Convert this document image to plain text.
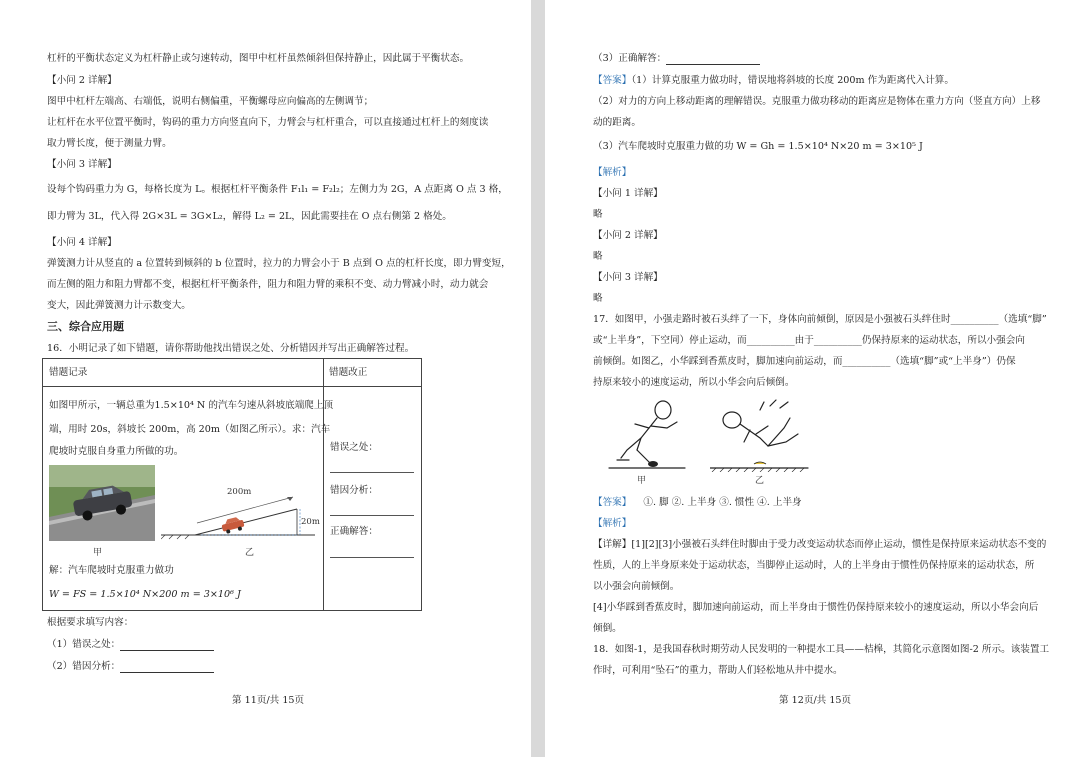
杠杆的平衡状态定义为杠杆静止或匀速转动，图甲中杠杆虽然倾斜但保持静止，因此属于平衡状态。
【小问 2 详解】
图甲中杠杆左端高、右端低，说明右侧偏重，平衡螺母应向偏高的左侧调节；
让杠杆在水平位置平衡时，钩码的重力方向竖直向下，力臂会与杠杆重合，可以直接通过杠杆上的刻度读
取力臂长度，便于测量力臂。
【小问 3 详解】
设每个钩码重力为 G，每格长度为 L。根据杠杆平衡条件 F₁l₁ = F₂l₂；左侧力为 2G，A 点距离 O 点 3 格，
即力臂为 3L，代入得 2G×3L = 3G×L₂，解得 L₂ = 2L，因此需要挂在 O 点右侧第 2 格处。
【小问 4 详解】
弹簧测力计从竖直的 a 位置转到倾斜的 b 位置时，拉力的力臂会小于 B 点到 O 点的杠杆长度，即力臂变短，
而左侧的阻力和阻力臂都不变，根据杠杆平衡条件，阻力和阻力臂的乘积不变、动力臂减小时，动力就会
变大，因此弹簧测力计示数变大。
三、综合应用题
16．小明记录了如下错题，请你帮助他找出错误之处、分析错因并写出正确解答过程。
错题记录	错题改正
如图甲所示，一辆总重为1.5×10⁴ N 的汽车匀速从斜坡底端爬上顶
端，用时 20s，斜坡长 200m，高 20m（如图乙所示）。求：汽车
爬坡时克服自身重力所做的功。
甲
200m
20m
乙
解：汽车爬坡时克服重力做功
W = FS = 1.5×10⁴ N×200 m = 3×10⁶ J
错误之处：
错因分析：
正确解答：
根据要求填写内容：
（1）错误之处：
（2）错因分析：
第 11页/共 15页
（3）正确解答：
【答案】（1）计算克服重力做功时，错误地将斜坡的长度 200m 作为距离代入计算。
（2）对力的方向上移动距离的理解错误。克服重力做功移动的距离应是物体在重力方向（竖直方向）上移
动的距离。
（3）汽车爬坡时克服重力做的功 W = Gh = 1.5×10⁴ N×20 m = 3×10⁵ J
【解析】
【小问 1 详解】
略
【小问 2 详解】
略
【小问 3 详解】
略
17．如图甲，小强走路时被石头绊了一下，身体向前倾倒，原因是小强被石头绊住时__________（选填“脚”
或“上半身”，下空同）停止运动，而__________由于__________仍保持原来的运动状态，所以小强会向
前倾倒。如图乙，小华踩到香蕉皮时，脚加速向前运动，而__________（选填“脚”或“上半身”）仍保
持原来较小的速度运动，所以小华会向后倾倒。
甲	乙
【答案】 ①. 脚 ②. 上半身 ③. 惯性 ④. 上半身
【解析】
【详解】[1][2][3]小强被石头绊住时脚由于受力改变运动状态而停止运动，惯性是保持原来运动状态不变的
性质，人的上半身原来处于运动状态，当脚停止运动时，人的上半身由于惯性仍保持原来的运动状态，所
以小强会向前倾倒。
[4]小华踩到香蕉皮时，脚加速向前运动，而上半身由于惯性仍保持原来较小的速度运动，所以小华会向后
倾倒。
18．如图-1，是我国春秋时期劳动人民发明的一种提水工具——桔槔，其简化示意图如图-2 所示。该装置工
作时，可利用“坠石”的重力，帮助人们轻松地从井中提水。
第 12页/共 15页
